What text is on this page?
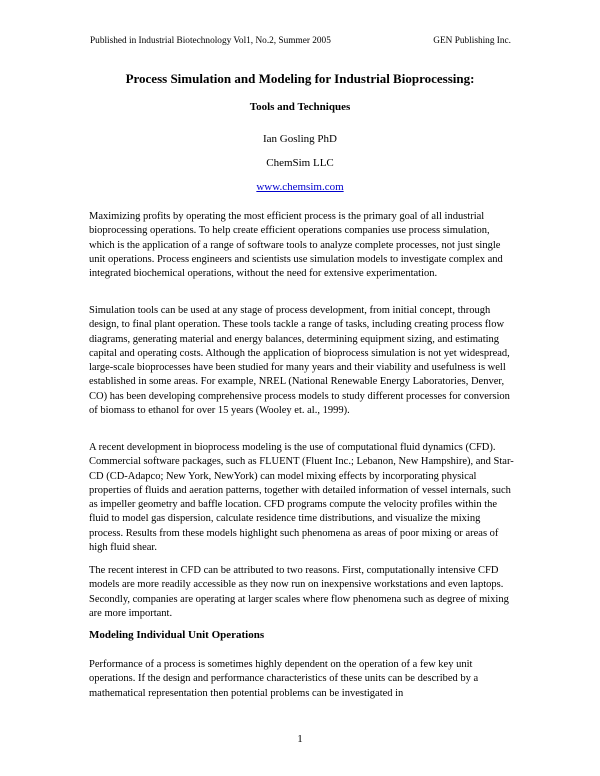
Published in Industrial Biotechnology Vol1, No.2, Summer 2005	GEN Publishing Inc.
Process Simulation and Modeling for Industrial Bioprocessing:
Tools and Techniques
Ian Gosling PhD
ChemSim LLC
www.chemsim.com

Maximizing profits by operating the most efficient process is the primary goal of all industrial bioprocessing operations. To help create efficient operations companies use process simulation, which is the application of a range of software tools to analyze complete processes, not just single unit operations. Process engineers and scientists use simulation models to investigate complex and integrated biochemical operations, without the need for extensive experimentation.

Simulation tools can be used at any stage of process development, from initial concept, through design, to final plant operation. These tools tackle a range of tasks, including creating process flow diagrams, generating material and energy balances, determining equipment sizing, and estimating capital and operating costs. Although the application of bioprocess simulation is not yet widespread, large-scale bioprocesses have been studied for many years and their viability and usefulness is well established in some areas. For example, NREL (National Renewable Energy Laboratories, Denver, CO) has been developing comprehensive process models to study different processes for conversion of biomass to ethanol for over 15 years (Wooley et. al., 1999).

A recent development in bioprocess modeling is the use of computational fluid dynamics (CFD). Commercial software packages, such as FLUENT (Fluent Inc.; Lebanon, New Hampshire), and Star-CD (CD-Adapco; New York, NewYork) can model mixing effects by incorporating physical properties of fluids and aeration patterns, together with detailed information of vessel internals, such as impeller geometry and baffle location. CFD programs compute the velocity profiles within the fluid to model gas dispersion, calculate residence time distributions, and visualize the mixing process. Results from these models highlight such phenomena as areas of poor mixing or areas of high fluid shear.

The recent interest in CFD can be attributed to two reasons. First, computationally intensive CFD models are more readily accessible as they now run on inexpensive workstations and even laptops. Secondly, companies are operating at larger scales where flow phenomena such as degree of mixing are more important.

Modeling Individual Unit Operations

Performance of a process is sometimes highly dependent on the operation of a few key unit operations. If the design and performance characteristics of these units can be described by a mathematical representation then potential problems can be investigated in

1
